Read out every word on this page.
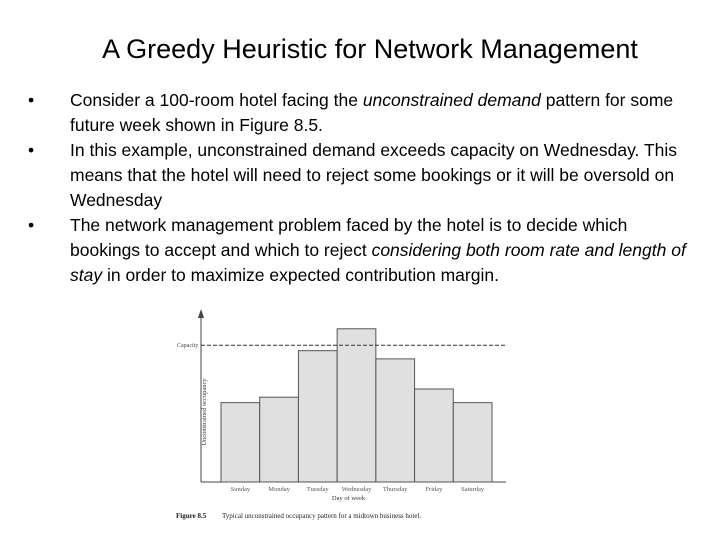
A Greedy Heuristic for Network Management
• Consider a 100-room hotel facing the unconstrained demand pattern for some future week shown in Figure 8.5.
• In this example, unconstrained demand exceeds capacity on Wednesday. This means that the hotel will need to reject some bookings or it will be oversold on Wednesday
• The network management problem faced by the hotel is to decide which bookings to accept and which to reject considering both room rate and length of stay in order to maximize expected contribution margin.
Capacity
Sunday	Monday	Tuesday Wednesday Thursday	Friday	Saturday
Day of week
Unconstrained occupancy
Figure 8.5 Typical unconstrained occupancy pattern for a midtown business hotel.
